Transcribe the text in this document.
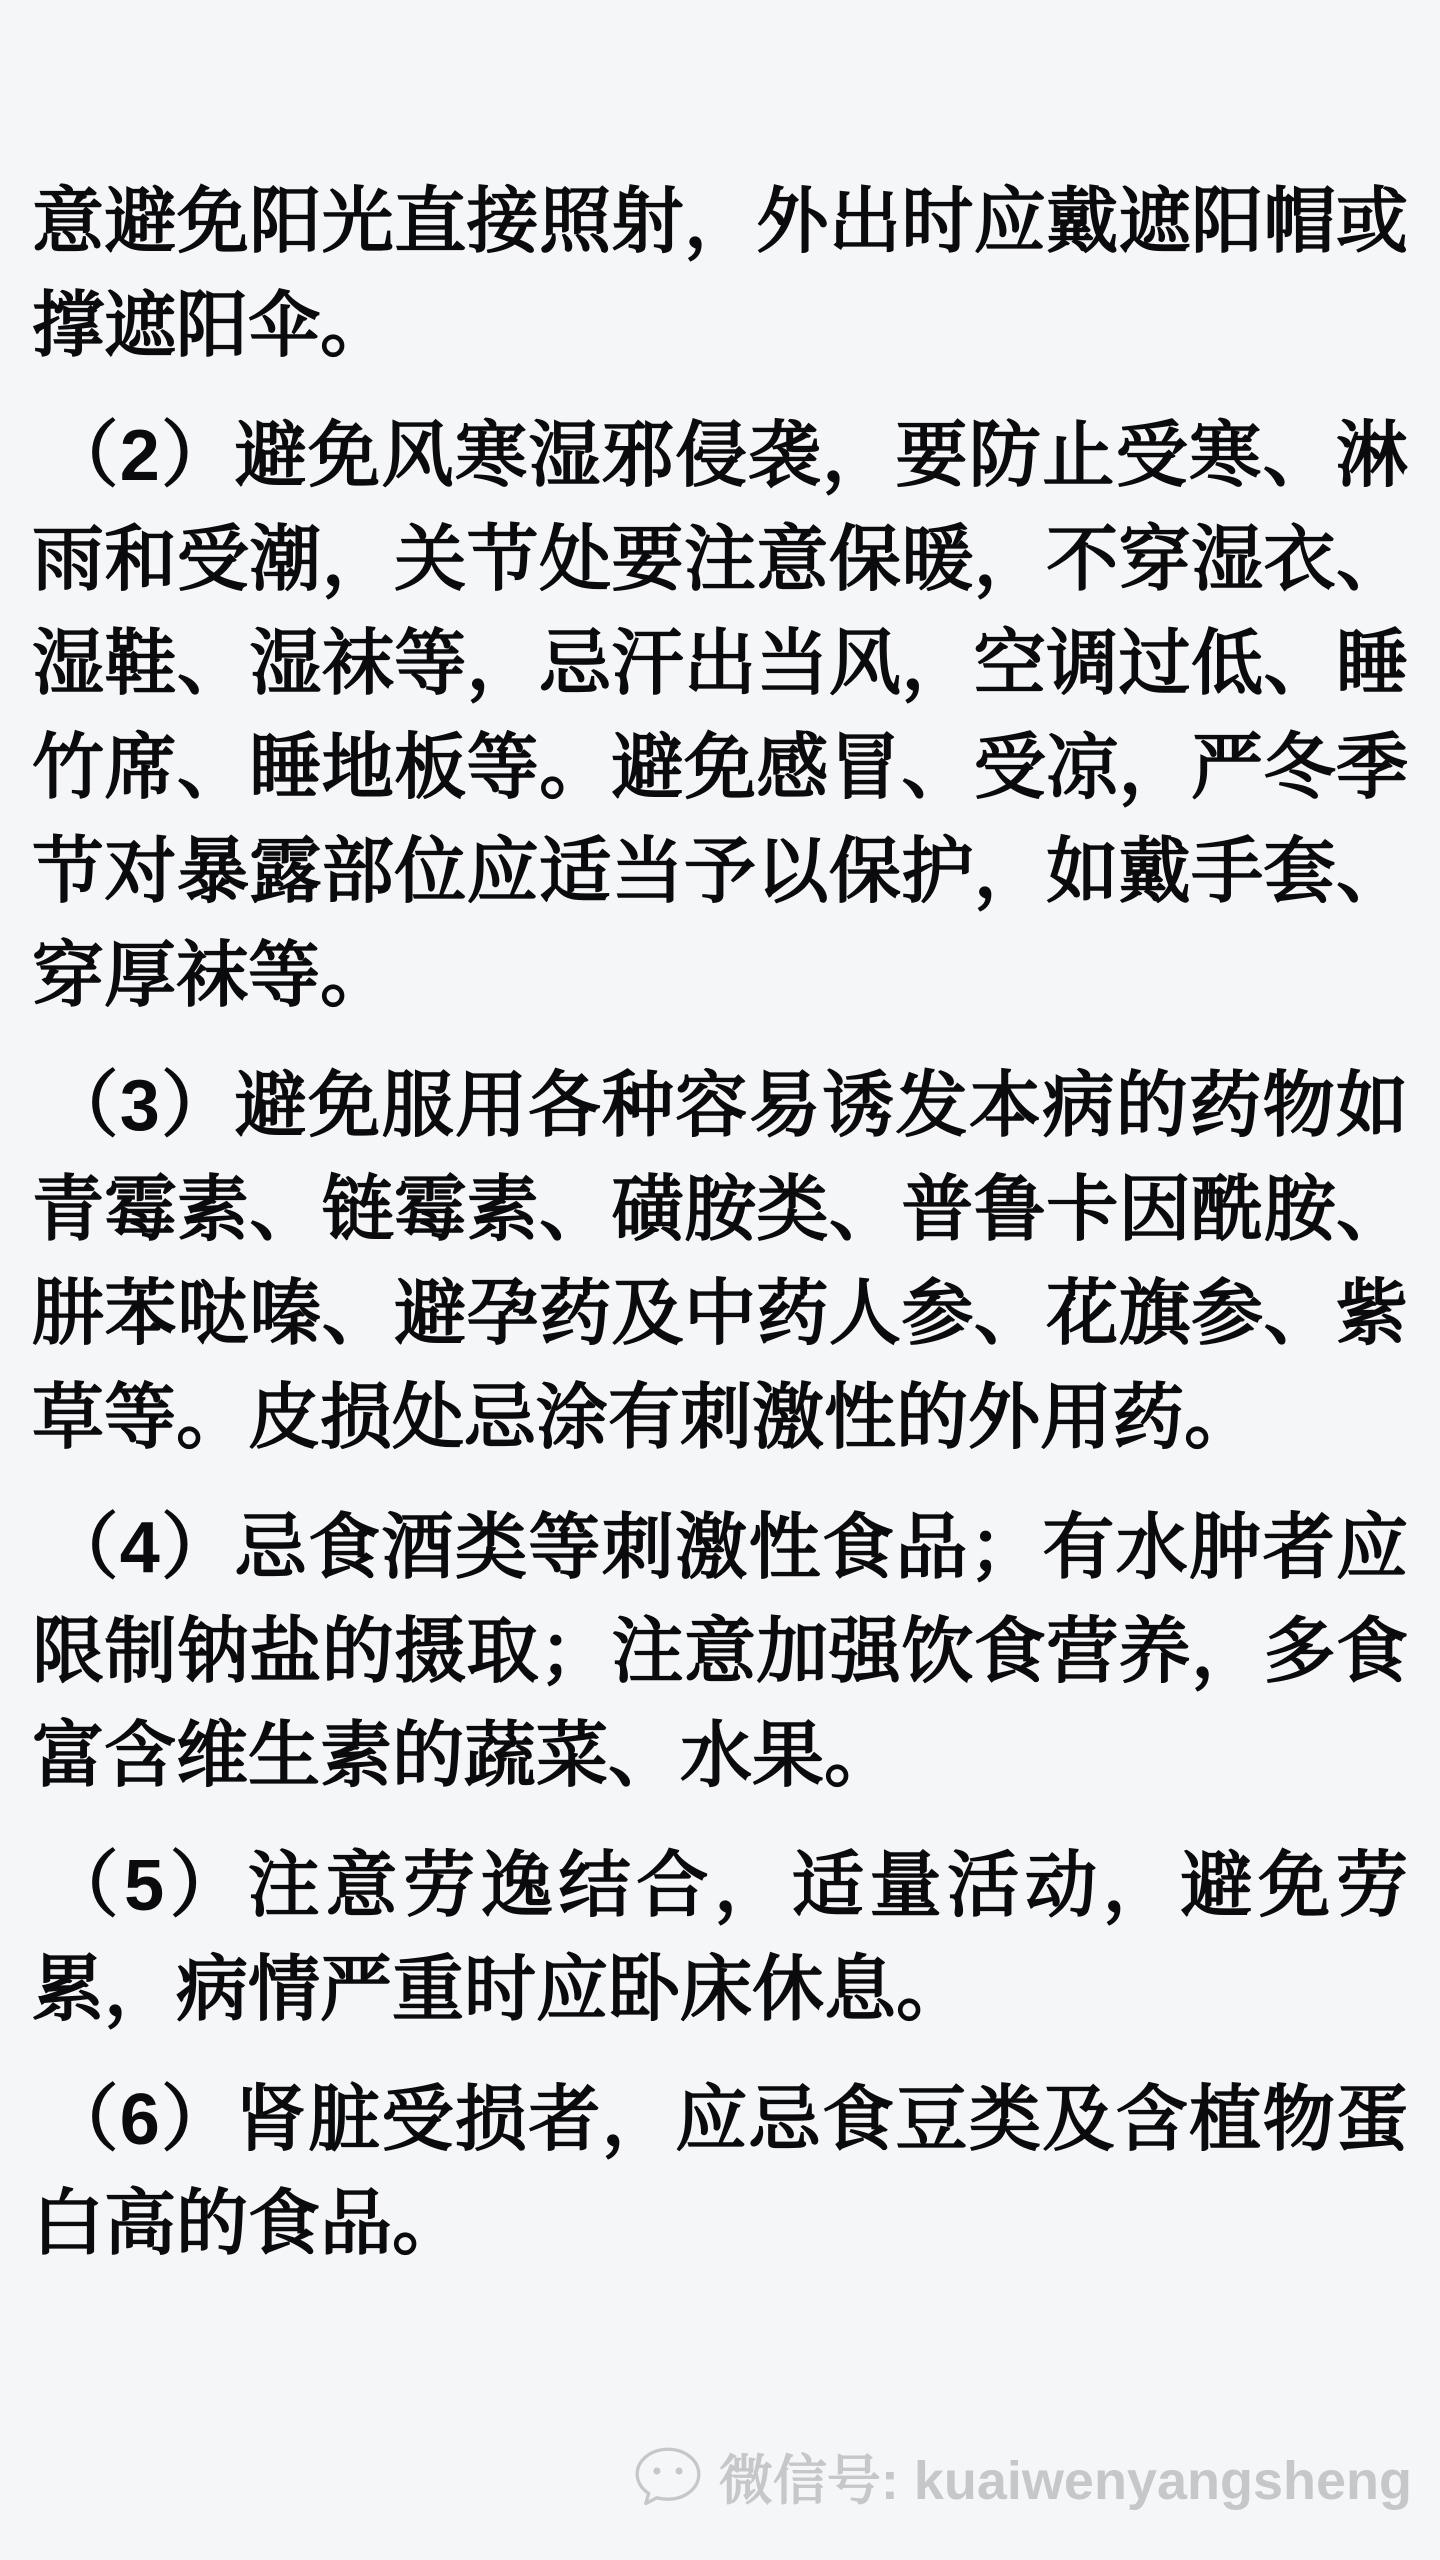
意避免阳光直接照射，外出时应戴遮阳帽或撑遮阳伞。

（2）避免风寒湿邪侵袭，要防止受寒、淋雨和受潮，关节处要注意保暖，不穿湿衣、湿鞋、湿袜等，忌汗出当风，空调过低、睡竹席、睡地板等。避免感冒、受凉，严冬季节对暴露部位应适当予以保护，如戴手套、穿厚袜等。

（3）避免服用各种容易诱发本病的药物如青霉素、链霉素、磺胺类、普鲁卡因酰胺、肼苯哒嗪、避孕药及中药人参、花旗参、紫草等。皮损处忌涂有刺激性的外用药。

（4）忌食酒类等刺激性食品；有水肿者应限制钠盐的摄取；注意加强饮食营养，多食富含维生素的蔬菜、水果。

（5）注意劳逸结合，适量活动，避免劳累，病情严重时应卧床休息。

（6）肾脏受损者，应忌食豆类及含植物蛋白高的食品。

微信号: kuaiwenyangsheng
